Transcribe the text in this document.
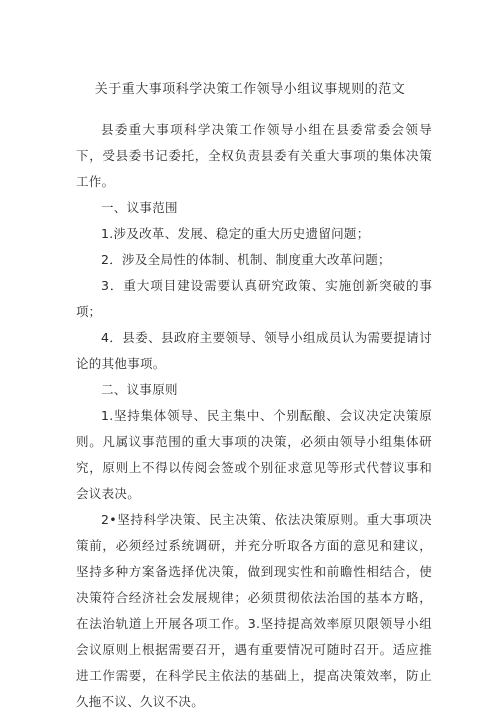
关于重大事项科学决策工作领导小组议事规则的范文

县委重大事项科学决策工作领导小组在县委常委会领导下，受县委书记委托，全权负责县委有关重大事项的集体决策工作。

一、议事范围

1.涉及改革、发展、稳定的重大历史遗留问题；

2．涉及全局性的体制、机制、制度重大改革问题；

3．重大项目建设需要认真研究政策、实施创新突破的事项；

4．县委、县政府主要领导、领导小组成员认为需要提请讨论的其他事项。

二、议事原则

1.坚持集体领导、民主集中、个别酝酿、会议决定决策原则。凡属议事范围的重大事项的决策，必须由领导小组集体研究，原则上不得以传阅会签或个别征求意见等形式代替议事和会议表决。

2•坚持科学决策、民主决策、依法决策原则。重大事项决策前，必须经过系统调研，并充分听取各方面的意见和建议，坚持多种方案备选择优决策，做到现实性和前瞻性相结合，使决策符合经济社会发展规律；必须贯彻依法治国的基本方略，在法治轨道上开展各项工作。3.坚持提高效率原贝限领导小组会议原则上根据需要召开，遇有重要情况可随时召开。适应推进工作需要，在科学民主依法的基础上，提高决策效率，防止久拖不议、久议不决。
